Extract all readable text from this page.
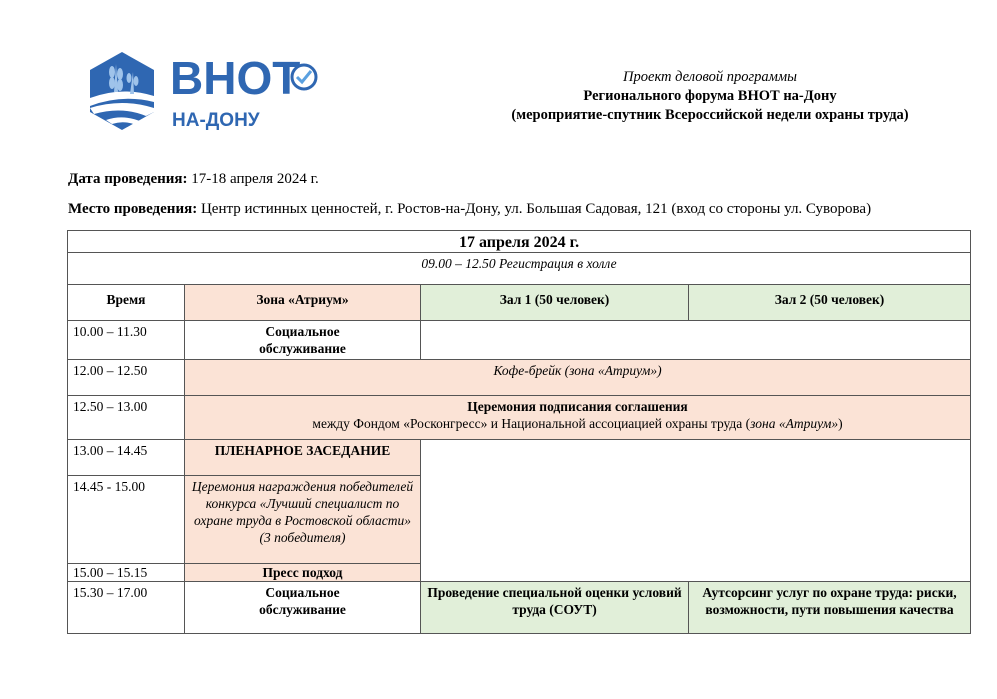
ВНОТ
НА-ДОНУ
Проект деловой программы
Регионального форума ВНОТ на-Дону
(мероприятие-спутник Всероссийской недели охраны труда)
Дата проведения: 17-18 апреля 2024 г.
Место проведения: Центр истинных ценностей, г. Ростов-на-Дону, ул. Большая Садовая, 121 (вход со стороны ул. Суворова)
17 апреля 2024 г.			
09.00 – 12.50 Регистрация в холле			
Время	Зона «Атриум»	Зал 1 (50 человек)	Зал 2 (50 человек)
10.00 – 11.30	Социальное обслуживание		
12.00 – 12.50	Кофе-брейк (зона «Атриум»)		
12.50 – 13.00	Церемония подписания соглашения
между Фондом «Росконгресс» и Национальной ассоциацией охраны труда (зона «Атриум»)		

13.00 – 14.45	ПЛЕНАРНОЕ ЗАСЕДАНИЕ		
14.45 - 15.00	Церемония награждения победителей конкурса «Лучший специалист по охране труда в Ростовской области»
(3 победителя)		

15.00 – 15.15	Пресс подход		
15.30 – 17.00	Социальное обслуживание	Проведение специальной оценки условий труда (СОУТ)	Аутсорсинг услуг по охране труда: риски, возможности, пути повышения качества
